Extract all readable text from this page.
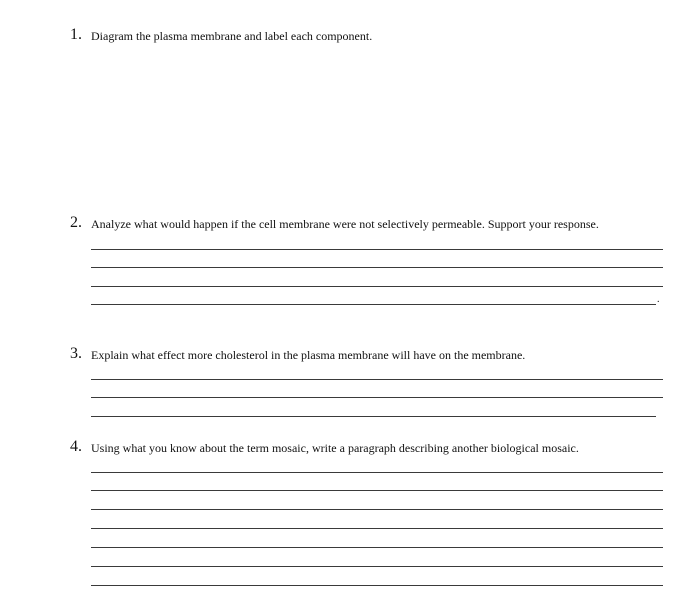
1. Diagram the plasma membrane and label each component.
2. Analyze what would happen if the cell membrane were not selectively permeable. Support your response.
.
3. Explain what effect more cholesterol in the plasma membrane will have on the membrane.
4. Using what you know about the term mosaic, write a paragraph describing another biological mosaic.
